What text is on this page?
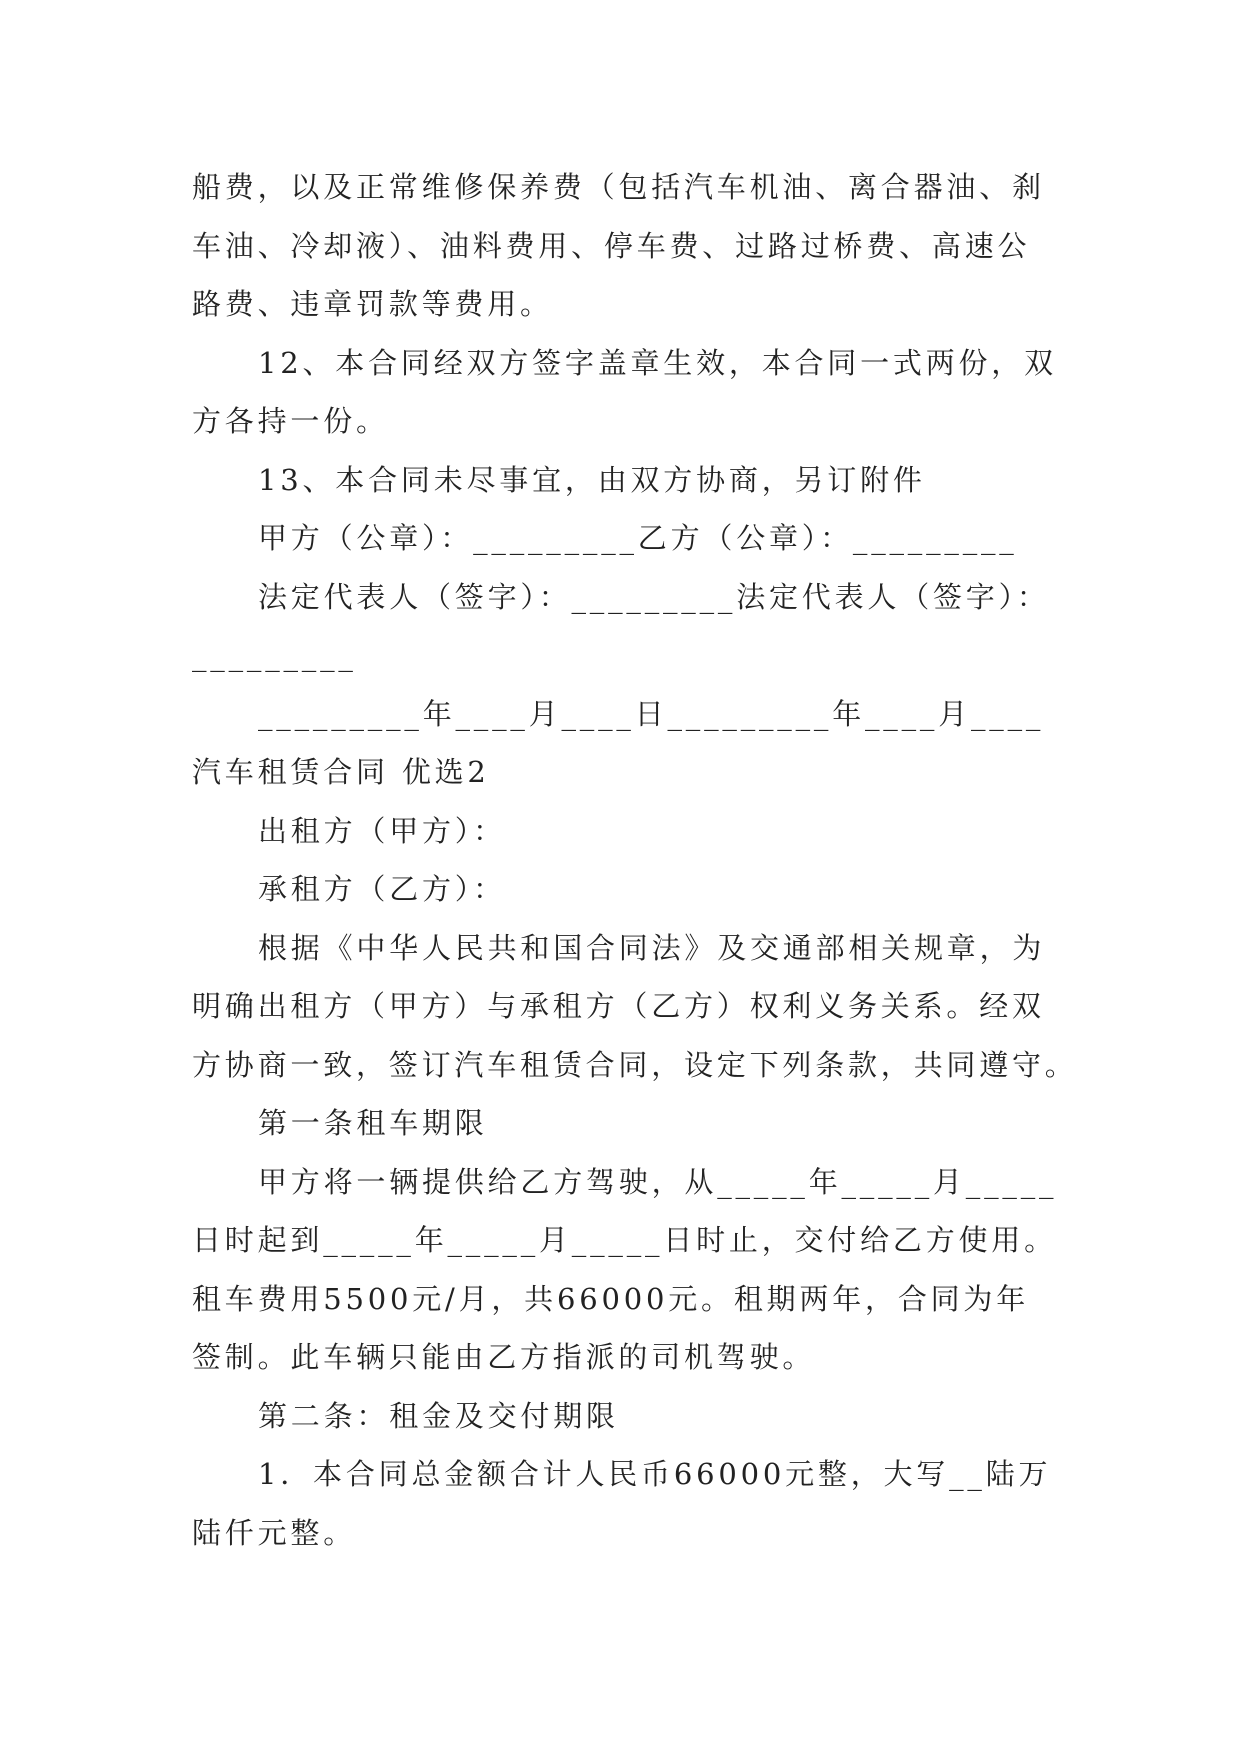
船费，以及正常维修保养费（包括汽车机油、离合器油、刹
车油、冷却液）、油料费用、停车费、过路过桥费、高速公
路费、违章罚款等费用。
12、本合同经双方签字盖章生效，本合同一式两份，双
方各持一份。
13、本合同未尽事宜，由双方协商，另订附件
甲方（公章）：_________乙方（公章）：_________
法定代表人（签字）：_________法定代表人（签字）：
_________
_________年____月____日_________年____月____
汽车租赁合同 优选2
出租方（甲方）：
承租方（乙方）：
根据《中华人民共和国合同法》及交通部相关规章，为
明确出租方（甲方）与承租方（乙方）权利义务关系。经双
方协商一致，签订汽车租赁合同，设定下列条款，共同遵守。
第一条租车期限
甲方将一辆提供给乙方驾驶，从_____年_____月_____
日时起到_____年_____月_____日时止，交付给乙方使用。
租车费用5500元/月，共66000元。租期两年，合同为年
签制。此车辆只能由乙方指派的司机驾驶。
第二条：租金及交付期限
1．本合同总金额合计人民币66000元整，大写__陆万
陆仟元整。
